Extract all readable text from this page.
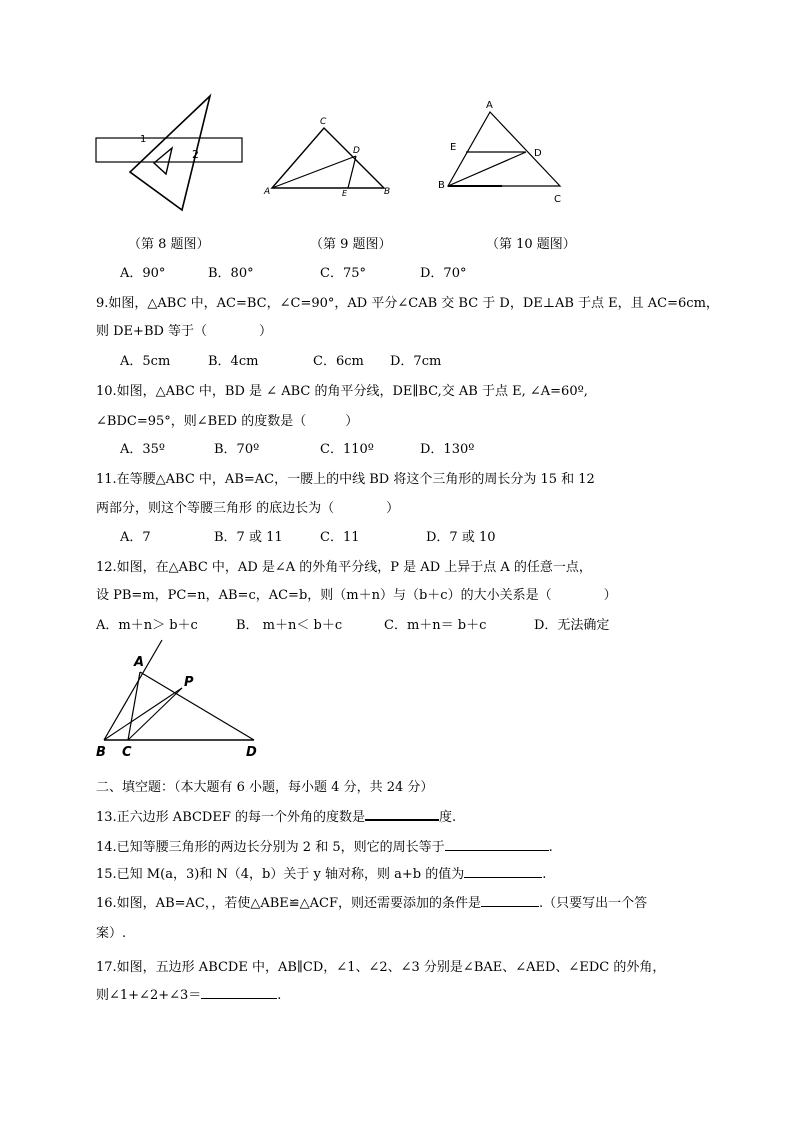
1
2
（第 8 题图）
C
D
A	E	B
（第 9 题图）
A
E
D
B
C
（第 10 题图）
A．90°	B．80°	C．75°	D．70°
9.如图，△ABC 中，AC=BC，∠C=90°，AD 平分∠CAB 交 BC 于 D，DE⊥AB 于点 E，且 AC=6cm，
则 DE+BD 等于（　　　　）
A．5cm	B．4cm	C．6cm D．7cm
10.如图，△ABC 中，BD 是 ∠ ABC 的角平分线，DE∥BC,交 AB 于点 E, ∠A=60º,
∠BDC=95°，则∠BED 的度数是（　　　）
A．35º	B．70º	C．110º	D．130º
11.在等腰△ABC 中，AB=AC，一腰上的中线 BD 将这个三角形的周长分为 15 和 12
两部分，则这个等腰三角形 的底边长为（　　　　）
A．7	B．7 或 11	C．11	D．7 或 10
12.如图，在△ABC 中，AD 是∠A 的外角平分线，P 是 AD 上异于点 A 的任意一点，
设 PB=m，PC=n，AB=c，AC=b，则（m＋n）与（b＋c）的大小关系是（　　　　）
A．m＋n＞ b＋c	B． m＋n＜ b＋c	C．m＋n＝ b＋c	D．无法确定
A
P
B C	D
二、填空题：（本大题有 6 小题，每小题 4 分，共 24 分）
13.正六边形 ABCDEF 的每一个外角的度数是	度.
14.已知等腰三角形的两边长分别为 2 和 5，则它的周长等于	.
15.已知 M(a，3)和 N（4，b）关于 y 轴对称，则 a+b 的值为	.
16.如图，AB=AC，，若使△ABE≌△ACF，则还需要添加的条件是	.（只要写出一个答
案）.
17.如图，五边形 ABCDE 中，AB∥CD，∠1、∠2、∠3 分别是∠BAE、∠AED、∠EDC 的外角，
则∠1+∠2+∠3＝	.
